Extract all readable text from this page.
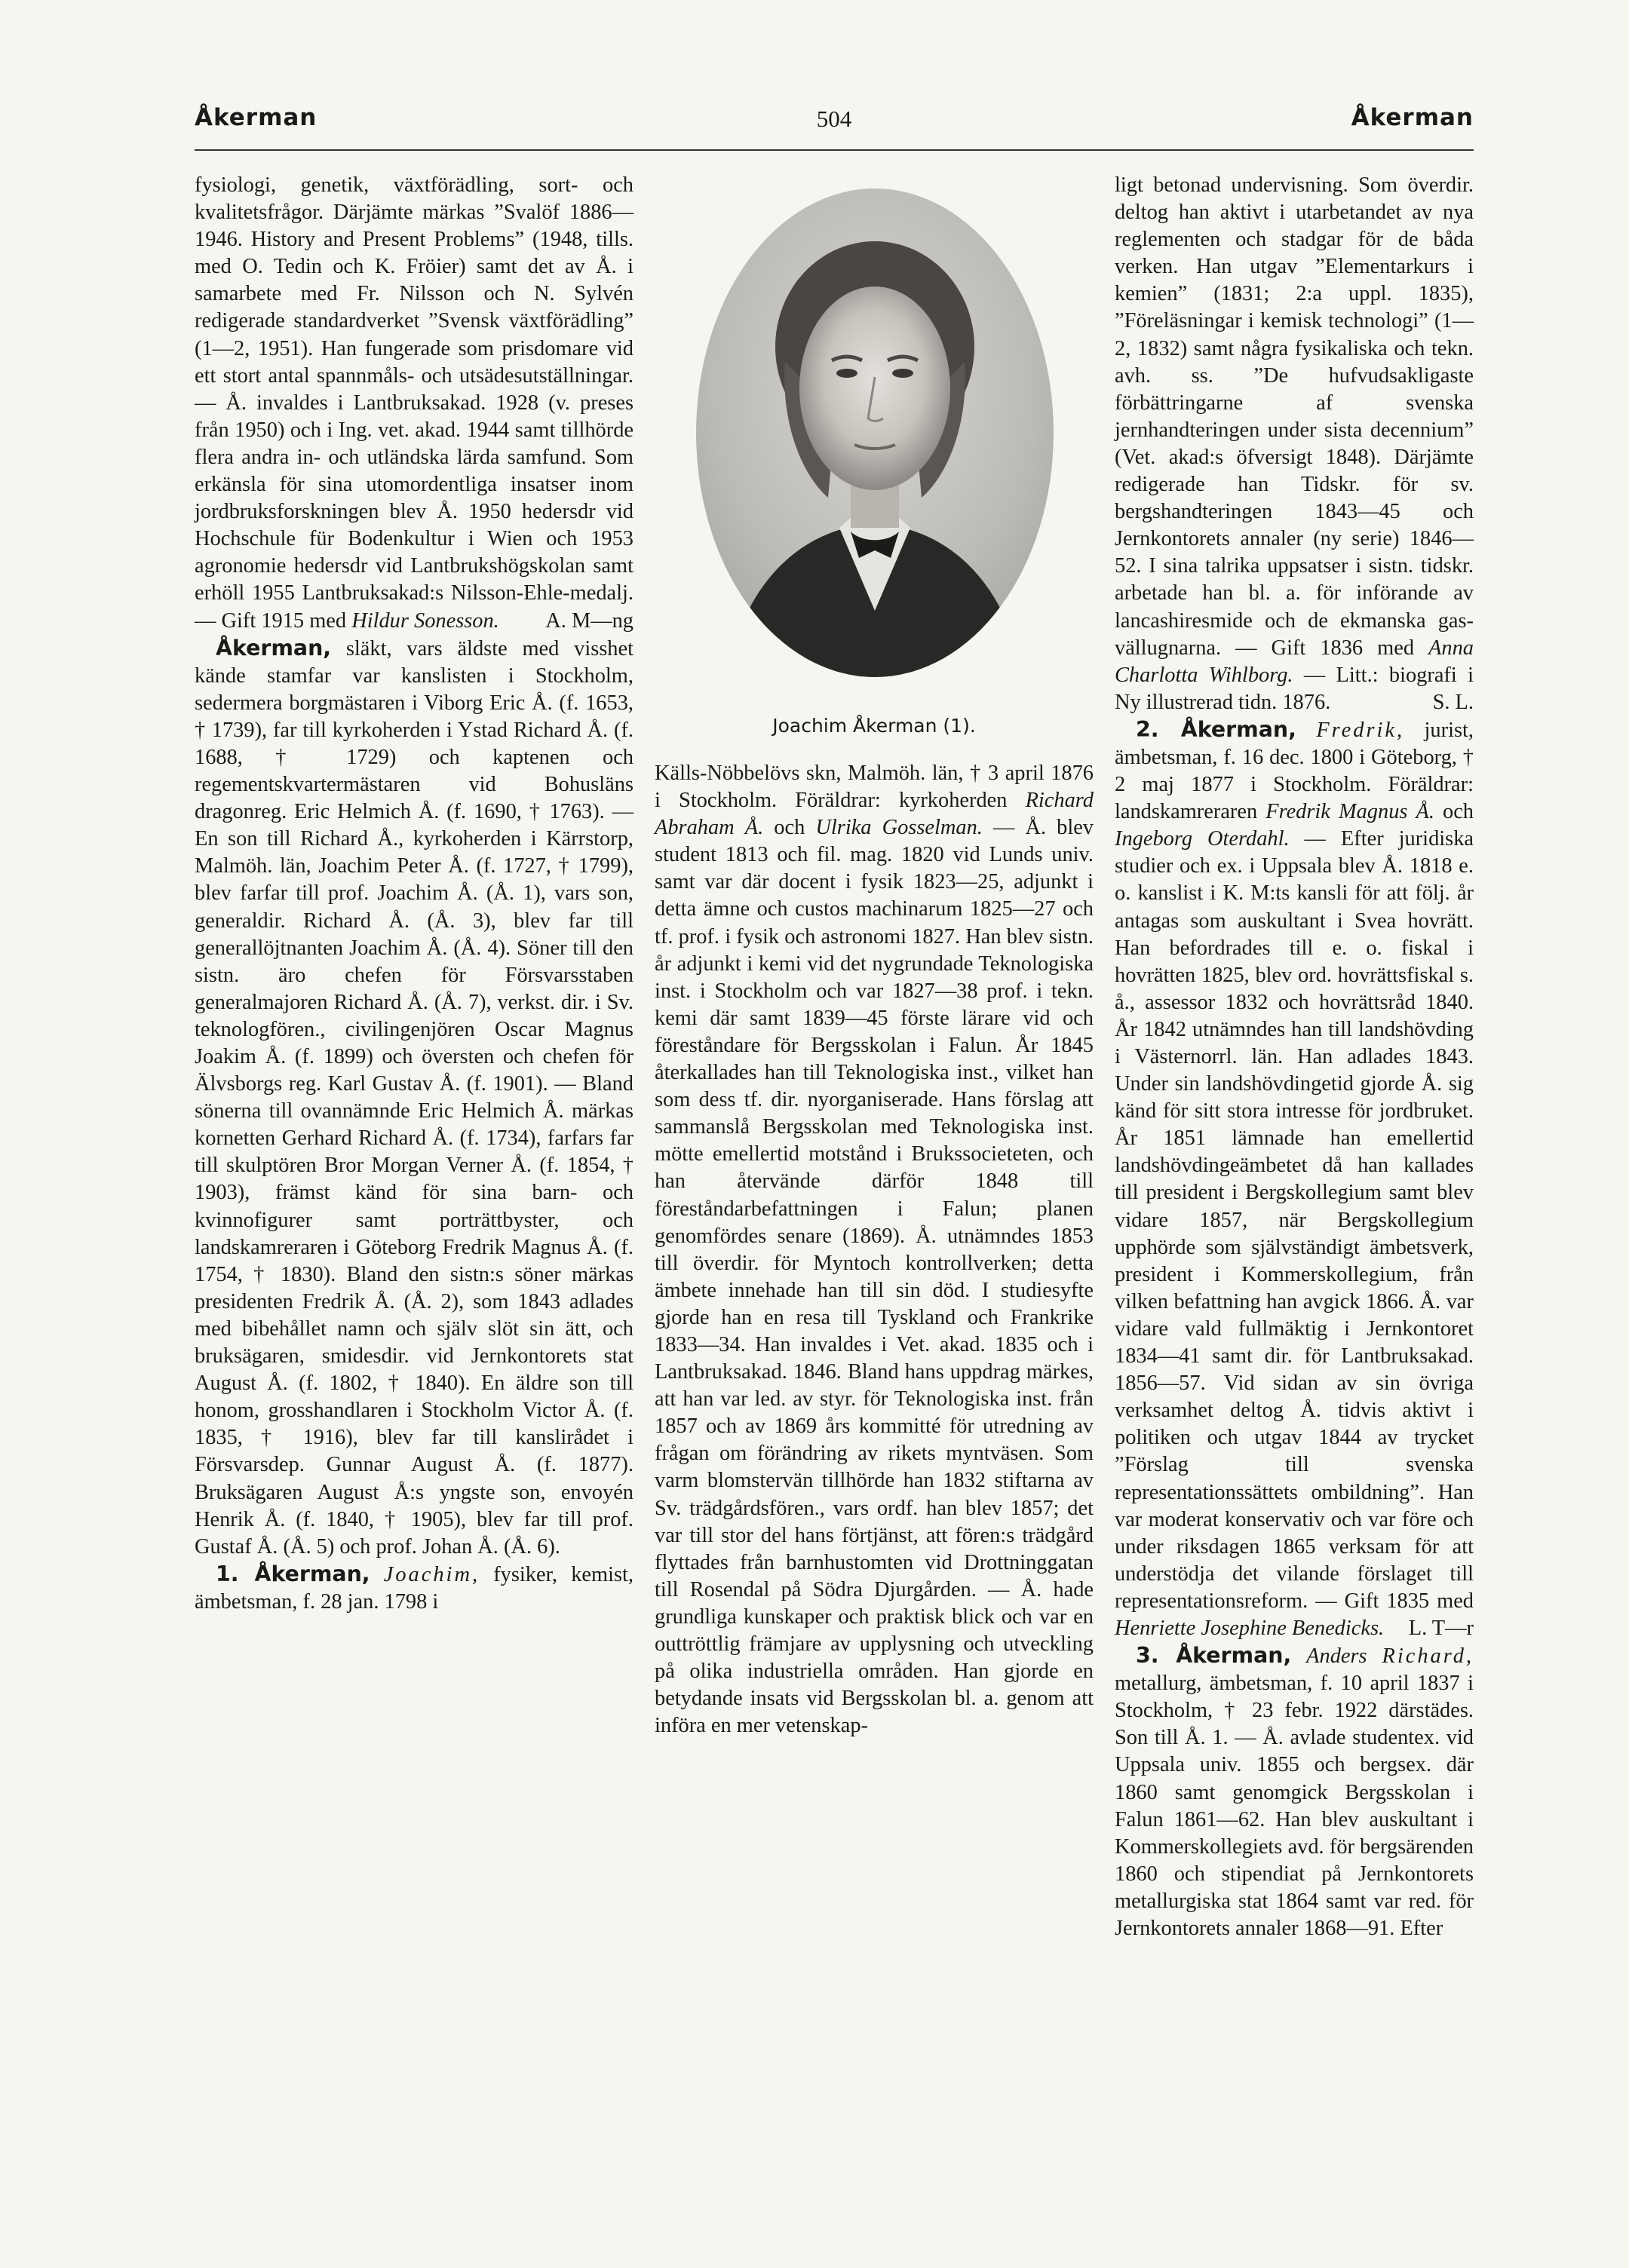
Åkerman	504	Åkerman

fysiologi, genetik, växtförädling, sort- och kvalitetsfrågor. Därjämte märkas ”Svalöf 1886—1946. History and Present Problems” (1948, tills. med O. Tedin och K. Fröier) samt det av Å. i samarbete med Fr. Nilsson och N. Sylvén redigerade standardverket ”Svensk växtförädling” (1—2, 1951). Han fungerade som prisdomare vid ett stort antal spannmåls- och utsädesutställningar. — Å. invaldes i Lantbruksakad. 1928 (v. preses från 1950) och i Ing. vet. akad. 1944 samt tillhörde flera andra in- och utländska lärda samfund. Som erkänsla för sina utomordentliga insatser inom jordbruksforskningen blev Å. 1950 hedersdr vid Hochschule für Bodenkultur i Wien och 1953 agronomie hedersdr vid Lantbrukshögskolan samt erhöll 1955 Lantbruksakad:s Nilsson-Ehle-medalj. — Gift 1915 med Hildur Sonesson. A. M—ng

Åkerman, släkt, vars äldste med visshet kände stamfar var kanslisten i Stockholm, sedermera borgmästaren i Viborg Eric Å. (f. 1653, † 1739), far till kyrkoherden i Ystad Richard Å. (f. 1688, † 1729) och kaptenen och regementskvartermästaren vid Bohusläns dragonreg. Eric Helmich Å. (f. 1690, † 1763). — En son till Richard Å., kyrkoherden i Kärrstorp, Malmöh. län, Joachim Peter Å. (f. 1727, † 1799), blev farfar till prof. Joachim Å. (Å. 1), vars son, generaldir. Richard Å. (Å. 3), blev far till generallöjtnanten Joachim Å. (Å. 4). Söner till den sistn. äro chefen för Försvarsstaben generalmajoren Richard Å. (Å. 7), verkst. dir. i Sv. teknologfören., civilingenjören Oscar Magnus Joakim Å. (f. 1899) och översten och chefen för Älvsborgs reg. Karl Gustav Å. (f. 1901). — Bland sönerna till ovannämnde Eric Helmich Å. märkas kornetten Gerhard Richard Å. (f. 1734), farfars far till skulptören Bror Morgan Verner Å. (f. 1854, † 1903), främst känd för sina barn- och kvinnofigurer samt porträttbyster, och landskamreraren i Göteborg Fredrik Magnus Å. (f. 1754, † 1830). Bland den sistn:s söner märkas presidenten Fredrik Å. (Å. 2), som 1843 adlades med bibehållet namn och själv slöt sin ätt, och bruksägaren, smidesdir. vid Jernkontorets stat August Å. (f. 1802, † 1840). En äldre son till honom, grosshandlaren i Stockholm Victor Å. (f. 1835, † 1916), blev far till kanslirådet i Försvarsdep. Gunnar August Å. (f. 1877). Bruksägaren August Å:s yngste son, envoyén Henrik Å. (f. 1840, † 1905), blev far till prof. Gustaf Å. (Å. 5) och prof. Johan Å. (Å. 6).

1. Åkerman, Joachim, fysiker, kemist, ämbetsman, f. 28 jan. 1798 i

Joachim Åkerman (1).

Källs-Nöbbelövs skn, Malmöh. län, † 3 april 1876 i Stockholm. Föräldrar: kyrkoherden Richard Abraham Å. och Ulrika Gosselman. — Å. blev student 1813 och fil. mag. 1820 vid Lunds univ. samt var där docent i fysik 1823—25, adjunkt i detta ämne och custos machinarum 1825—27 och tf. prof. i fysik och astronomi 1827. Han blev sistn. år adjunkt i kemi vid det nygrundade Teknologiska inst. i Stockholm och var 1827—38 prof. i tekn. kemi där samt 1839—45 förste lärare vid och föreståndare för Bergsskolan i Falun. År 1845 återkallades han till Teknologiska inst., vilket han som dess tf. dir. nyorganiserade. Hans förslag att sammanslå Bergsskolan med Teknologiska inst. mötte emellertid motstånd i Brukssocieteten, och han återvände därför 1848 till föreståndarbefattningen i Falun; planen genomfördes senare (1869). Å. utnämndes 1853 till överdir. för Myntoch kontrollverken; detta ämbete innehade han till sin död. I studiesyfte gjorde han en resa till Tyskland och Frankrike 1833—34. Han invaldes i Vet. akad. 1835 och i Lantbruksakad. 1846. Bland hans uppdrag märkes, att han var led. av styr. för Teknologiska inst. från 1857 och av 1869 års kommitté för utredning av frågan om förändring av rikets myntväsen. Som varm blomstervän tillhörde han 1832 stiftarna av Sv. trädgårdsfören., vars ordf. han blev 1857; det var till stor del hans förtjänst, att fören:s trädgård flyttades från barnhustomten vid Drottninggatan till Rosendal på Södra Djurgården. — Å. hade grundliga kunskaper och praktisk blick och var en outtröttlig främjare av upplysning och utveckling på olika industriella områden. Han gjorde en betydande insats vid Bergsskolan bl. a. genom att införa en mer vetenskap-

ligt betonad undervisning. Som överdir. deltog han aktivt i utarbetandet av nya reglementen och stadgar för de båda verken. Han utgav ”Elementarkurs i kemien” (1831; 2:a uppl. 1835), ”Föreläsningar i kemisk technologi” (1—2, 1832) samt några fysikaliska och tekn. avh. ss. ”De hufvudsakligaste förbättringarne af svenska jernhandteringen under sista decennium” (Vet. akad:s öfversigt 1848). Därjämte redigerade han Tidskr. för sv. bergshandteringen 1843—45 och Jernkontorets annaler (ny serie) 1846—52. I sina talrika uppsatser i sistn. tidskr. arbetade han bl. a. för införande av lancashiresmide och de ekmanska gas-vällugnarna. — Gift 1836 med Anna Charlotta Wihlborg. — Litt.: biografi i Ny illustrerad tidn. 1876.	S. L.

2. Åkerman, Fredrik, jurist, ämbetsman, f. 16 dec. 1800 i Göteborg, † 2 maj 1877 i Stockholm. Föräldrar: landskamreraren Fredrik Magnus Å. och Ingeborg Oterdahl. — Efter juridiska studier och ex. i Uppsala blev Å. 1818 e. o. kanslist i K. M:ts kansli för att följ. år antagas som auskultant i Svea hovrätt. Han befordrades till e. o. fiskal i hovrätten 1825, blev ord. hovrättsfiskal s. å., assessor 1832 och hovrättsråd 1840. År 1842 utnämndes han till landshövding i Västernorrl. län. Han adlades 1843. Under sin landshövdingetid gjorde Å. sig känd för sitt stora intresse för jordbruket. År 1851 lämnade han emellertid landshövdingeämbetet då han kallades till president i Bergskollegium samt blev vidare 1857, när Bergskollegium upphörde som självständigt ämbetsverk, president i Kommerskollegium, från vilken befattning han avgick 1866. Å. var vidare vald fullmäktig i Jernkontoret 1834—41 samt dir. för Lantbruksakad. 1856—57. Vid sidan av sin övriga verksamhet deltog Å. tidvis aktivt i politiken och utgav 1844 av trycket ”Förslag till svenska representationssättets ombildning”. Han var moderat konservativ och var före och under riksdagen 1865 verksam för att understödja det vilande förslaget till representationsreform. — Gift 1835 med Henriette Josephine Benedicks.	L. T—r

3. Åkerman, Anders Richard, metallurg, ämbetsman, f. 10 april 1837 i Stockholm, † 23 febr. 1922 därstädes. Son till Å. 1. — Å. avlade studentex. vid Uppsala univ. 1855 och bergsex. där 1860 samt genomgick Bergsskolan i Falun 1861—62. Han blev auskultant i Kommerskollegiets avd. för bergsärenden 1860 och stipendiat på Jernkontorets metallurgiska stat 1864 samt var red. för Jernkontorets annaler 1868—91. Efter
